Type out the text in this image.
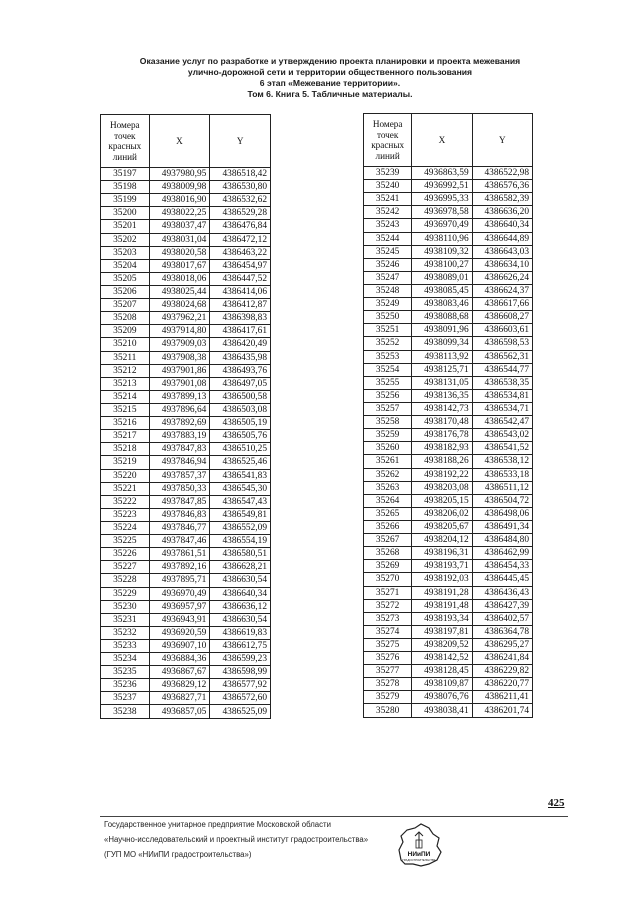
Оказание услуг по разработке и утверждению проекта планировки и проекта межевания
улично-дорожной сети и территории общественного пользования
6 этап «Межевание территории».
Том 6. Книга 5. Табличные материалы.
Номера
точек
красных
линий	X	Y
35197	4937980,95	4386518,42
35198	4938009,98	4386530,80
35199	4938016,90	4386532,62
35200	4938022,25	4386529,28
35201	4938037,47	4386476,84
35202	4938031,04	4386472,12
35203	4938020,58	4386463,22
35204	4938017,67	4386454,97
35205	4938018,06	4386447,52
35206	4938025,44	4386414,06
35207	4938024,68	4386412,87
35208	4937962,21	4386398,83
35209	4937914,80	4386417,61
35210	4937909,03	4386420,49
35211	4937908,38	4386435,98
35212	4937901,86	4386493,76
35213	4937901,08	4386497,05
35214	4937899,13	4386500,58
35215	4937896,64	4386503,08
35216	4937892,69	4386505,19
35217	4937883,19	4386505,76
35218	4937847,83	4386510,25
35219	4937846,94	4386525,46
35220	4937857,37	4386541,83
35221	4937850,33	4386545,30
35222	4937847,85	4386547,43
35223	4937846,83	4386549,81
35224	4937846,77	4386552,09
35225	4937847,46	4386554,19
35226	4937861,51	4386580,51
35227	4937892,16	4386628,21
35228	4937895,71	4386630,54
35229	4936970,49	4386640,34
35230	4936957,97	4386636,12
35231	4936943,91	4386630,54
35232	4936920,59	4386619,83
35233	4936907,10	4386612,75
35234	4936884,36	4386599,23
35235	4936867,67	4386598,99
35236	4936829,12	4386577,92
35237	4936827,71	4386572,60
35238	4936857,05	4386525,09
Номера
точек
красных
линий	X	Y
35239	4936863,59	4386522,98
35240	4936992,51	4386576,36
35241	4936995,33	4386582,39
35242	4936978,58	4386636,20
35243	4936970,49	4386640,34
35244	4938110,96	4386644,89
35245	4938109,32	4386643,03
35246	4938100,27	4386634,10
35247	4938089,01	4386626,24
35248	4938085,45	4386624,37
35249	4938083,46	4386617,66
35250	4938088,68	4386608,27
35251	4938091,96	4386603,61
35252	4938099,34	4386598,53
35253	4938113,92	4386562,31
35254	4938125,71	4386544,77
35255	4938131,05	4386538,35
35256	4938136,35	4386534,81
35257	4938142,73	4386534,71
35258	4938170,48	4386542,47
35259	4938176,78	4386543,02
35260	4938182,93	4386541,52
35261	4938188,26	4386538,12
35262	4938192,22	4386533,18
35263	4938203,08	4386511,12
35264	4938205,15	4386504,72
35265	4938206,02	4386498,06
35266	4938205,67	4386491,34
35267	4938204,12	4386484,80
35268	4938196,31	4386462,99
35269	4938193,71	4386454,33
35270	4938192,03	4386445,45
35271	4938191,28	4386436,43
35272	4938191,48	4386427,39
35273	4938193,34	4386402,57
35274	4938197,81	4386364,78
35275	4938209,52	4386295,27
35276	4938142,52	4386241,84
35277	4938128,45	4386229,82
35278	4938109,87	4386220,77
35279	4938076,76	4386211,41
35280	4938038,41	4386201,74
425
Государственное унитарное предприятие Московской области
«Научно-исследовательский и проектный институт градостроительства»
(ГУП МО «НИиПИ градостроительства»)	НИиПИ
ГРАДОСТРОИТЕЛЬСТВА
